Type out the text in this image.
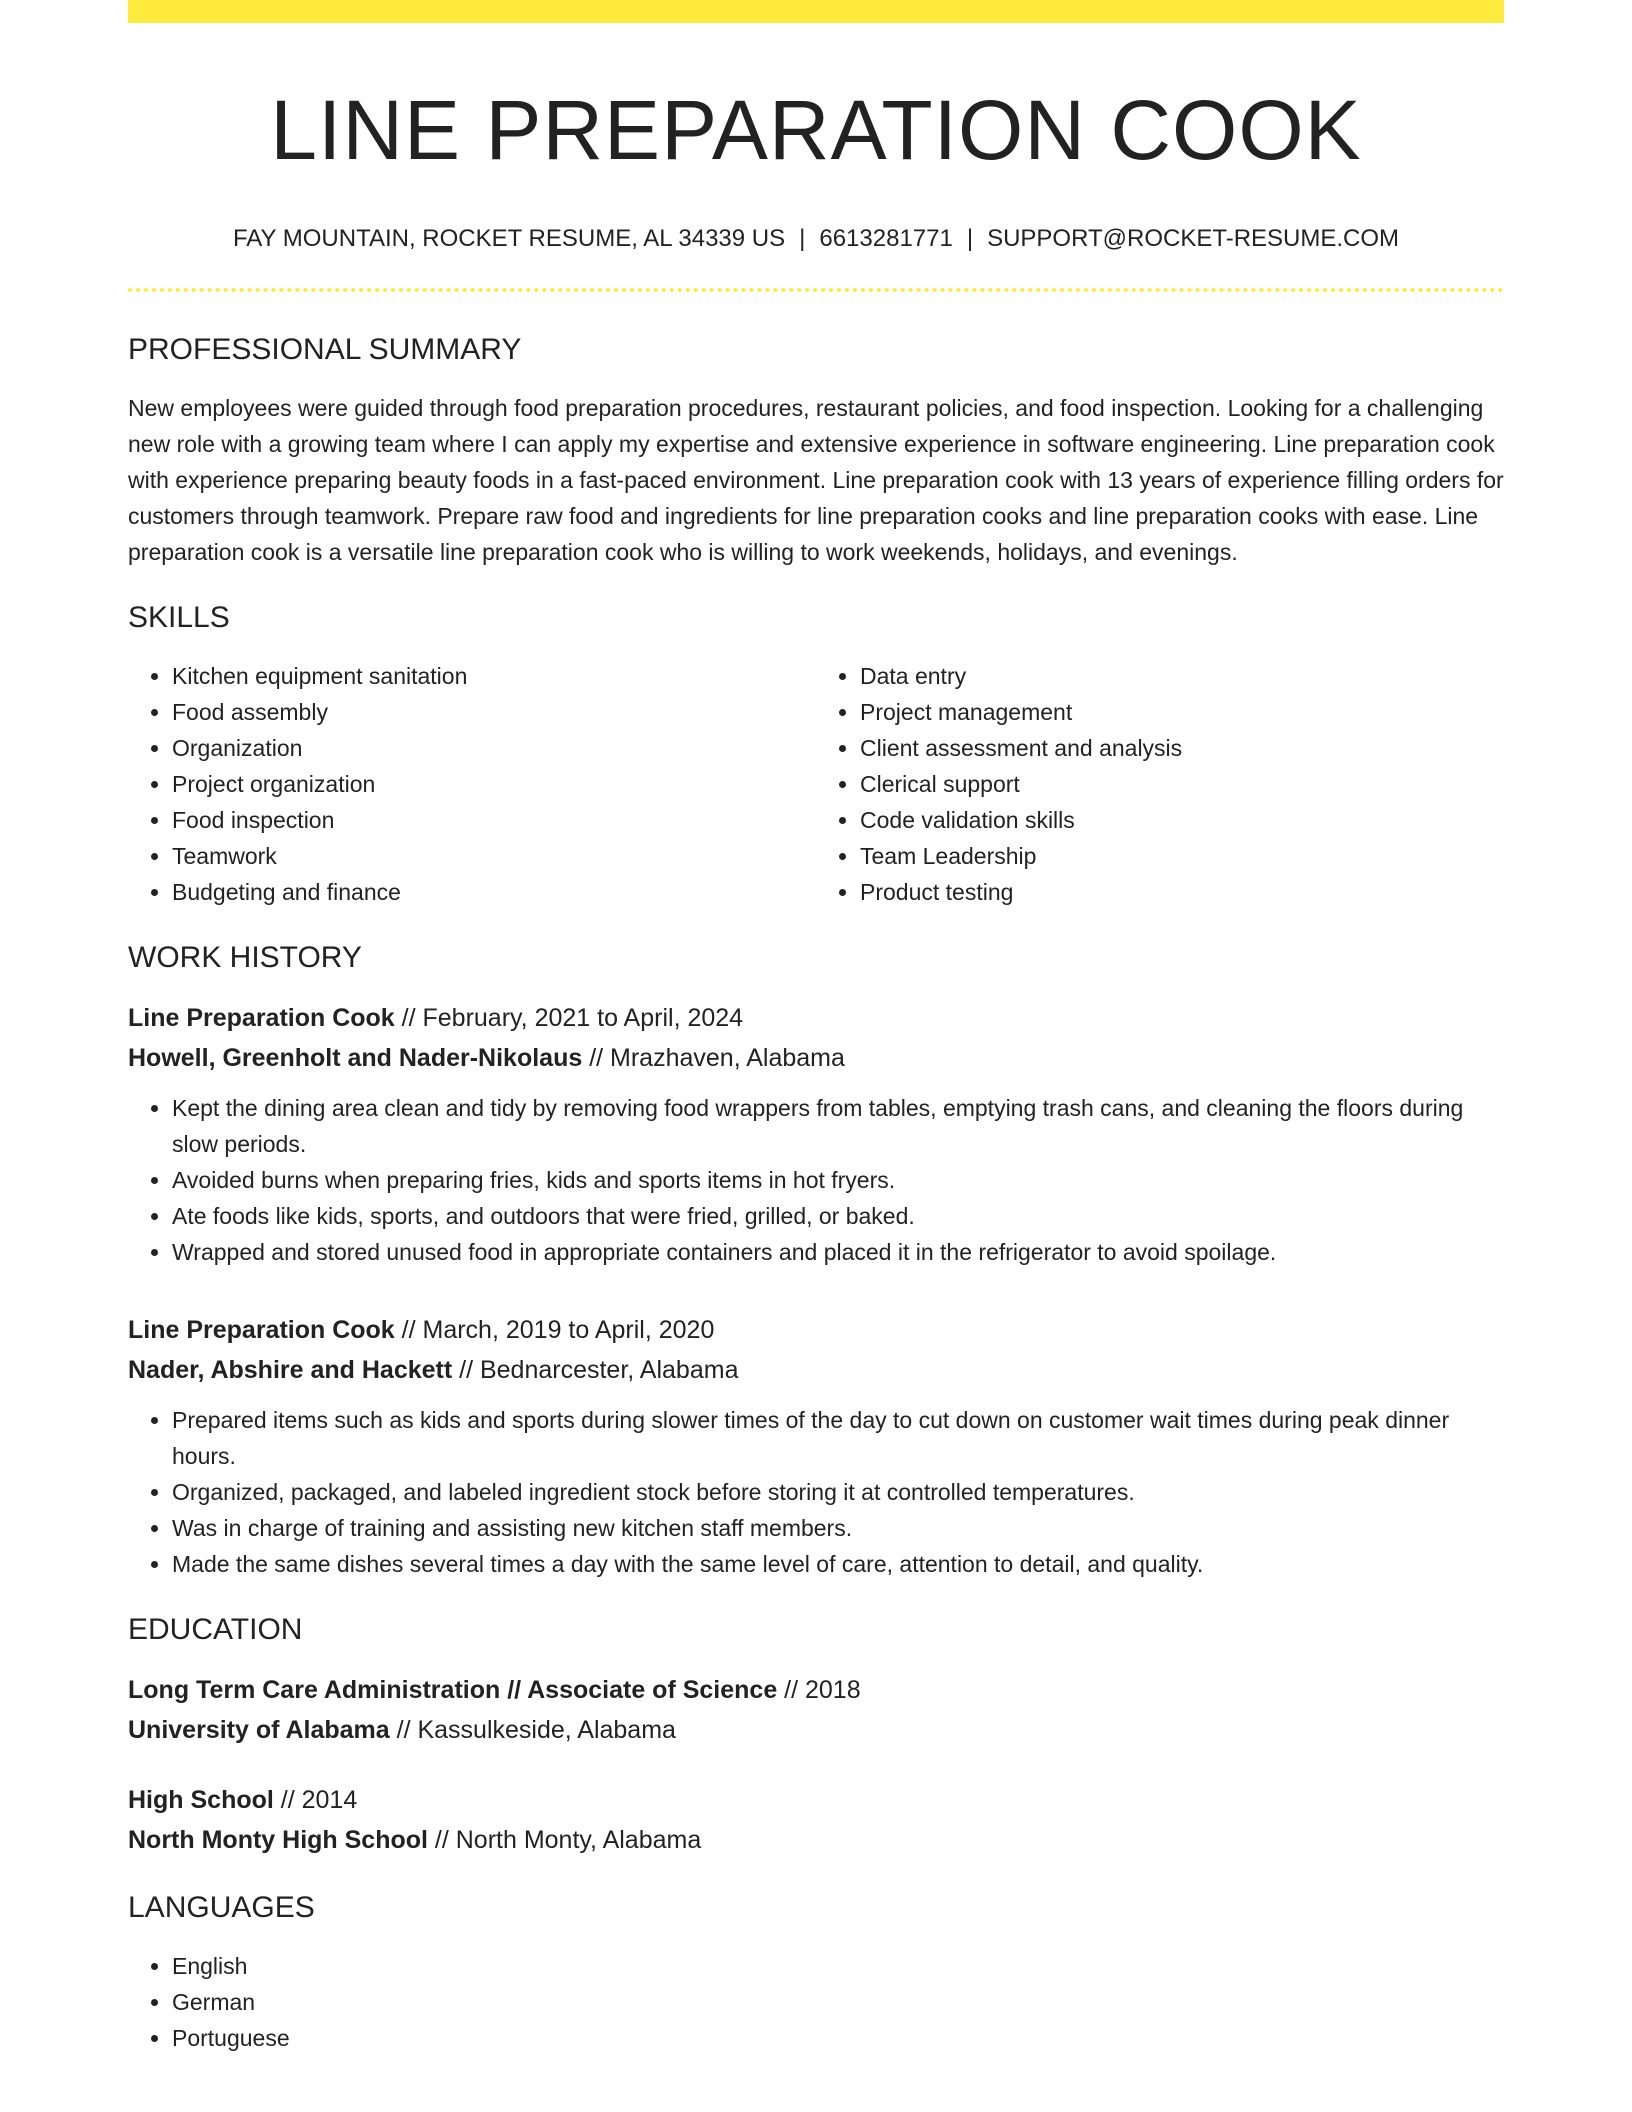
LINE PREPARATION COOK
FAY MOUNTAIN, ROCKET RESUME, AL 34339 US | 6613281771 | SUPPORT@ROCKET-RESUME.COM
PROFESSIONAL SUMMARY

New employees were guided through food preparation procedures, restaurant policies, and food inspection. Looking for a challenging new role with a growing team where I can apply my expertise and extensive experience in software engineering. Line preparation cook with experience preparing beauty foods in a fast-paced environment. Line preparation cook with 13 years of experience filling orders for customers through teamwork. Prepare raw food and ingredients for line preparation cooks and line preparation cooks with ease. Line preparation cook is a versatile line preparation cook who is willing to work weekends, holidays, and evenings.

SKILLS
• Kitchen equipment sanitation
• Food assembly
• Organization
• Project organization
• Food inspection
• Teamwork
• Budgeting and finance
• Data entry
• Project management
• Client assessment and analysis
• Clerical support
• Code validation skills
• Team Leadership
• Product testing
WORK HISTORY
Line Preparation Cook // February, 2021 to April, 2024
Howell, Greenholt and Nader-Nikolaus // Mrazhaven, Alabama
• Kept the dining area clean and tidy by removing food wrappers from tables, emptying trash cans, and cleaning the floors during slow periods.
• Avoided burns when preparing fries, kids and sports items in hot fryers.
• Ate foods like kids, sports, and outdoors that were fried, grilled, or baked.
• Wrapped and stored unused food in appropriate containers and placed it in the refrigerator to avoid spoilage.
Line Preparation Cook // March, 2019 to April, 2020
Nader, Abshire and Hackett // Bednarcester, Alabama
• Prepared items such as kids and sports during slower times of the day to cut down on customer wait times during peak dinner hours.
• Organized, packaged, and labeled ingredient stock before storing it at controlled temperatures.
• Was in charge of training and assisting new kitchen staff members.
• Made the same dishes several times a day with the same level of care, attention to detail, and quality.
EDUCATION
Long Term Care Administration // Associate of Science // 2018
University of Alabama // Kassulkeside, Alabama
High School // 2014
North Monty High School // North Monty, Alabama
LANGUAGES
• English
• German
• Portuguese
